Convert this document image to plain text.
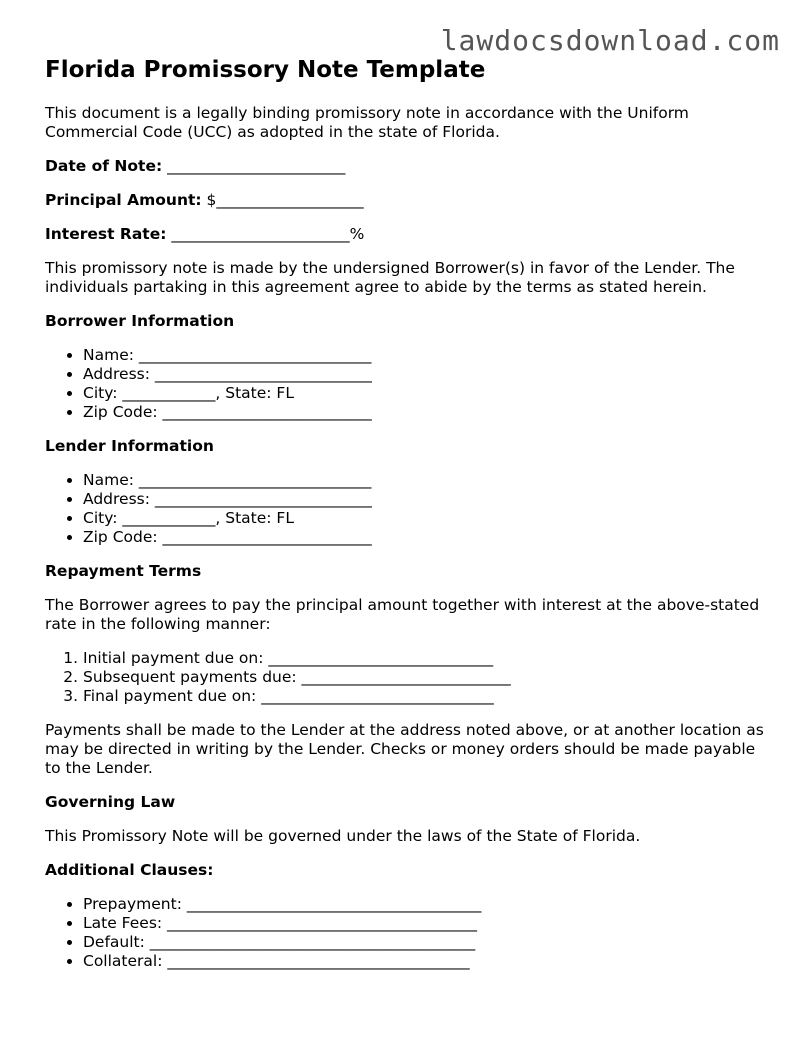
lawdocsdownload.com
Florida Promissory Note Template

This document is a legally binding promissory note in accordance with the Uniform Commercial Code (UCC) as adopted in the state of Florida.

Date of Note: _______________________
Principal Amount: $___________________
Interest Rate: _______________________%

This promissory note is made by the undersigned Borrower(s) in favor of the Lender. The individuals partaking in this agreement agree to abide by the terms as stated herein.

Borrower Information
• Name: ______________________________
• Address: ____________________________
• City: ____________, State: FL
• Zip Code: ___________________________
Lender Information
• Name: ______________________________
• Address: ____________________________
• City: ____________, State: FL
• Zip Code: ___________________________
Repayment Terms

The Borrower agrees to pay the principal amount together with interest at the above-stated rate in the following manner:

1. Initial payment due on: _____________________________
2. Subsequent payments due: ___________________________
3. Final payment due on: ______________________________

Payments shall be made to the Lender at the address noted above, or at another location as may be directed in writing by the Lender. Checks or money orders should be made payable to the Lender.

Governing Law

This Promissory Note will be governed under the laws of the State of Florida.

Additional Clauses:
• Prepayment: ______________________________________
• Late Fees: ________________________________________
• Default: __________________________________________
• Collateral: _______________________________________
